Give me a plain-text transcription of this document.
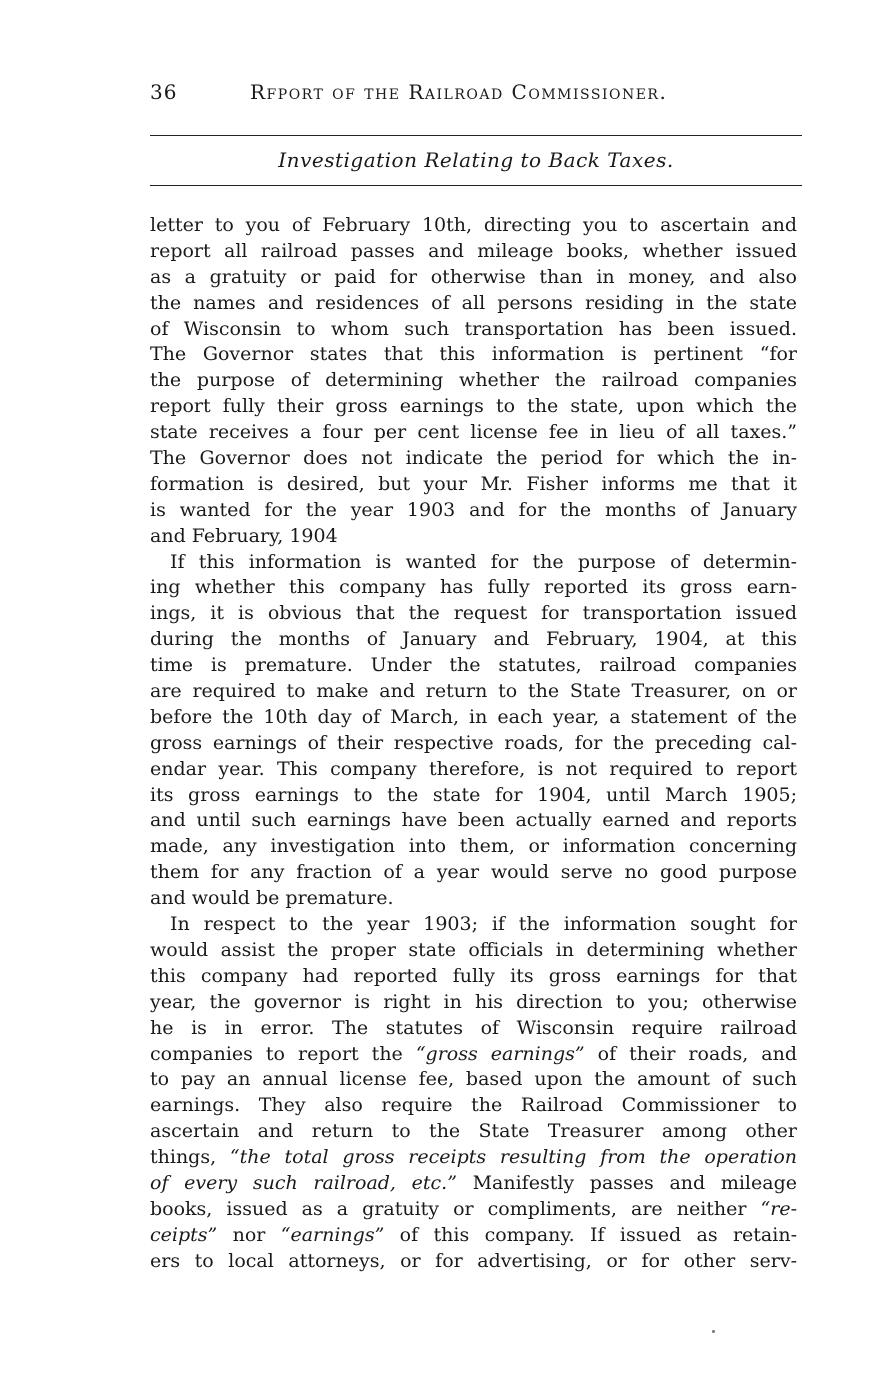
36	Rfport of the Railroad Commissioner.
Investigation Relating to Back Taxes.
letter to you of February 10th, directing you to ascertain and
report all railroad passes and mileage books, whether issued
as a gratuity or paid for otherwise than in money, and also
the names and residences of all persons residing in the state
of Wisconsin to whom such transportation has been issued.
The Governor states that this information is pertinent “for
the purpose of determining whether the railroad companies
report fully their gross earnings to the state, upon which the
state receives a four per cent license fee in lieu of all taxes.”
The Governor does not indicate the period for which the in-
formation is desired, but your Mr. Fisher informs me that it
is wanted for the year 1903 and for the months of January
and February, 1904
If this information is wanted for the purpose of determin-
ing whether this company has fully reported its gross earn-
ings, it is obvious that the request for transportation issued
during the months of January and February, 1904, at this
time is premature. Under the statutes, railroad companies
are required to make and return to the State Treasurer, on or
before the 10th day of March, in each year, a statement of the
gross earnings of their respective roads, for the preceding cal-
endar year. This company therefore, is not required to report
its gross earnings to the state for 1904, until March 1905;
and until such earnings have been actually earned and reports
made, any investigation into them, or information concerning
them for any fraction of a year would serve no good purpose
and would be premature.
In respect to the year 1903; if the information sought for
would assist the proper state officials in determining whether
this company had reported fully its gross earnings for that
year, the governor is right in his direction to you; otherwise
he is in error. The statutes of Wisconsin require railroad
companies to report the “gross earnings” of their roads, and
to pay an annual license fee, based upon the amount of such
earnings. They also require the Railroad Commissioner to
ascertain and return to the State Treasurer among other
things, “the total gross receipts resulting from the operation
of every such railroad, etc.” Manifestly passes and mileage
books, issued as a gratuity or compliments, are neither “re-
ceipts” nor “earnings” of this company. If issued as retain-
ers to local attorneys, or for advertising, or for other serv-
